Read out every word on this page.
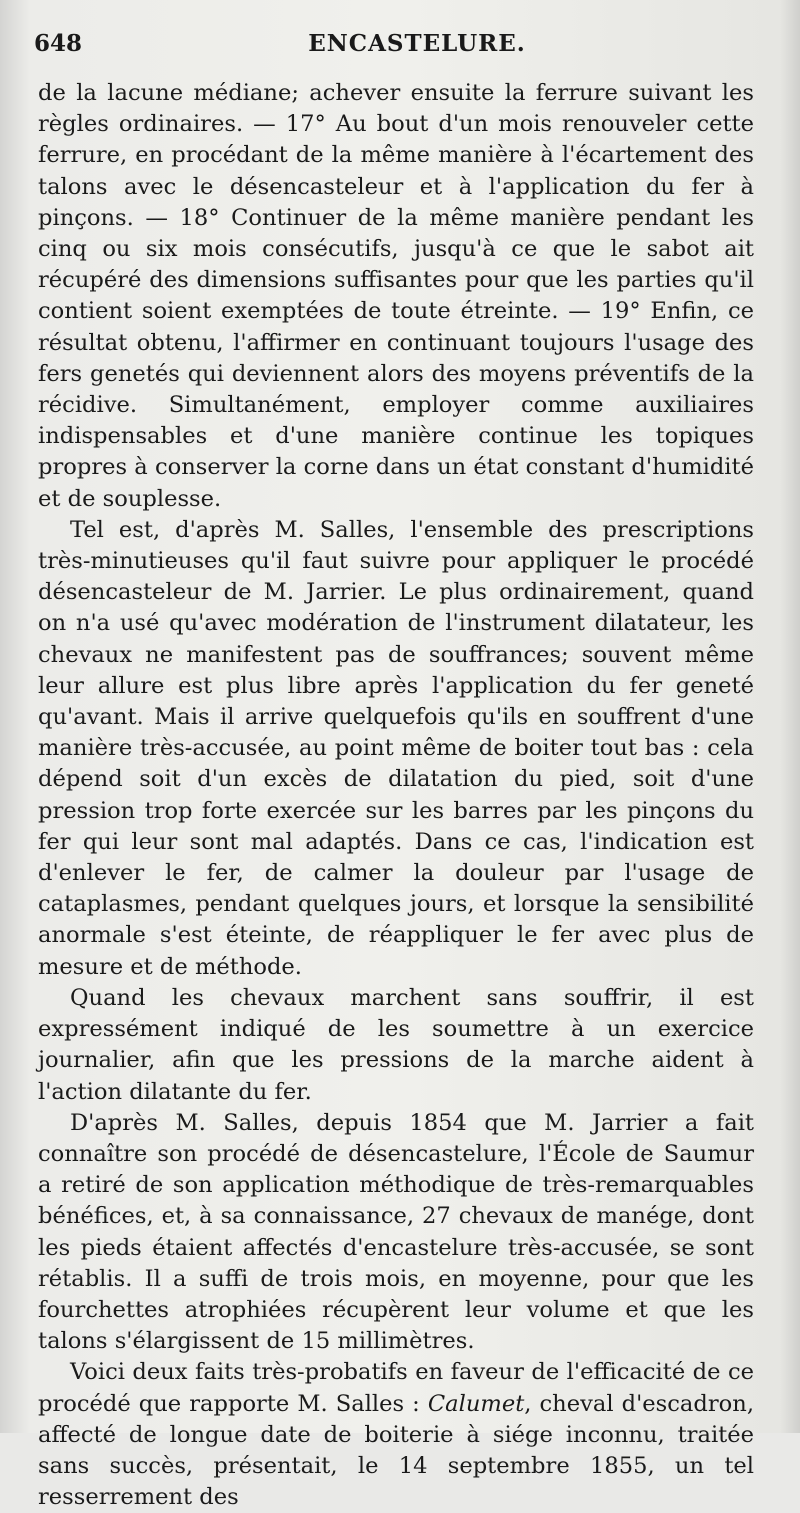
648	ENCASTELURE.

de la lacune médiane; achever ensuite la ferrure suivant les règles ordinaires. — 17° Au bout d'un mois renouveler cette ferrure, en procédant de la même manière à l'écartement des talons avec le désencasteleur et à l'application du fer à pinçons. — 18° Continuer de la même manière pendant les cinq ou six mois consécutifs, jusqu'à ce que le sabot ait récupéré des dimensions suffisantes pour que les parties qu'il contient soient exemptées de toute étreinte. — 19° Enfin, ce résultat obtenu, l'affirmer en continuant toujours l'usage des fers genetés qui deviennent alors des moyens préventifs de la récidive. Simultanément, employer comme auxiliaires indispensables et d'une manière continue les topiques propres à conserver la corne dans un état constant d'humidité et de souplesse.

Tel est, d'après M. Salles, l'ensemble des prescriptions très-minutieuses qu'il faut suivre pour appliquer le procédé désencasteleur de M. Jarrier. Le plus ordinairement, quand on n'a usé qu'avec modération de l'instrument dilatateur, les chevaux ne manifestent pas de souffrances; souvent même leur allure est plus libre après l'application du fer geneté qu'avant. Mais il arrive quelquefois qu'ils en souffrent d'une manière très-accusée, au point même de boiter tout bas : cela dépend soit d'un excès de dilatation du pied, soit d'une pression trop forte exercée sur les barres par les pinçons du fer qui leur sont mal adaptés. Dans ce cas, l'indication est d'enlever le fer, de calmer la douleur par l'usage de cataplasmes, pendant quelques jours, et lorsque la sensibilité anormale s'est éteinte, de réappliquer le fer avec plus de mesure et de méthode.

Quand les chevaux marchent sans souffrir, il est expressément indiqué de les soumettre à un exercice journalier, afin que les pressions de la marche aident à l'action dilatante du fer.

D'après M. Salles, depuis 1854 que M. Jarrier a fait connaître son procédé de désencastelure, l'École de Saumur a retiré de son application méthodique de très-remarquables bénéfices, et, à sa connaissance, 27 chevaux de manége, dont les pieds étaient affectés d'encastelure très-accusée, se sont rétablis. Il a suffi de trois mois, en moyenne, pour que les fourchettes atrophiées récupèrent leur volume et que les talons s'élargissent de 15 millimètres.

Voici deux faits très-probatifs en faveur de l'efficacité de ce procédé que rapporte M. Salles : Calumet, cheval d'escadron, affecté de longue date de boiterie à siége inconnu, traitée sans succès, présentait, le 14 septembre 1855, un tel resserrement des
